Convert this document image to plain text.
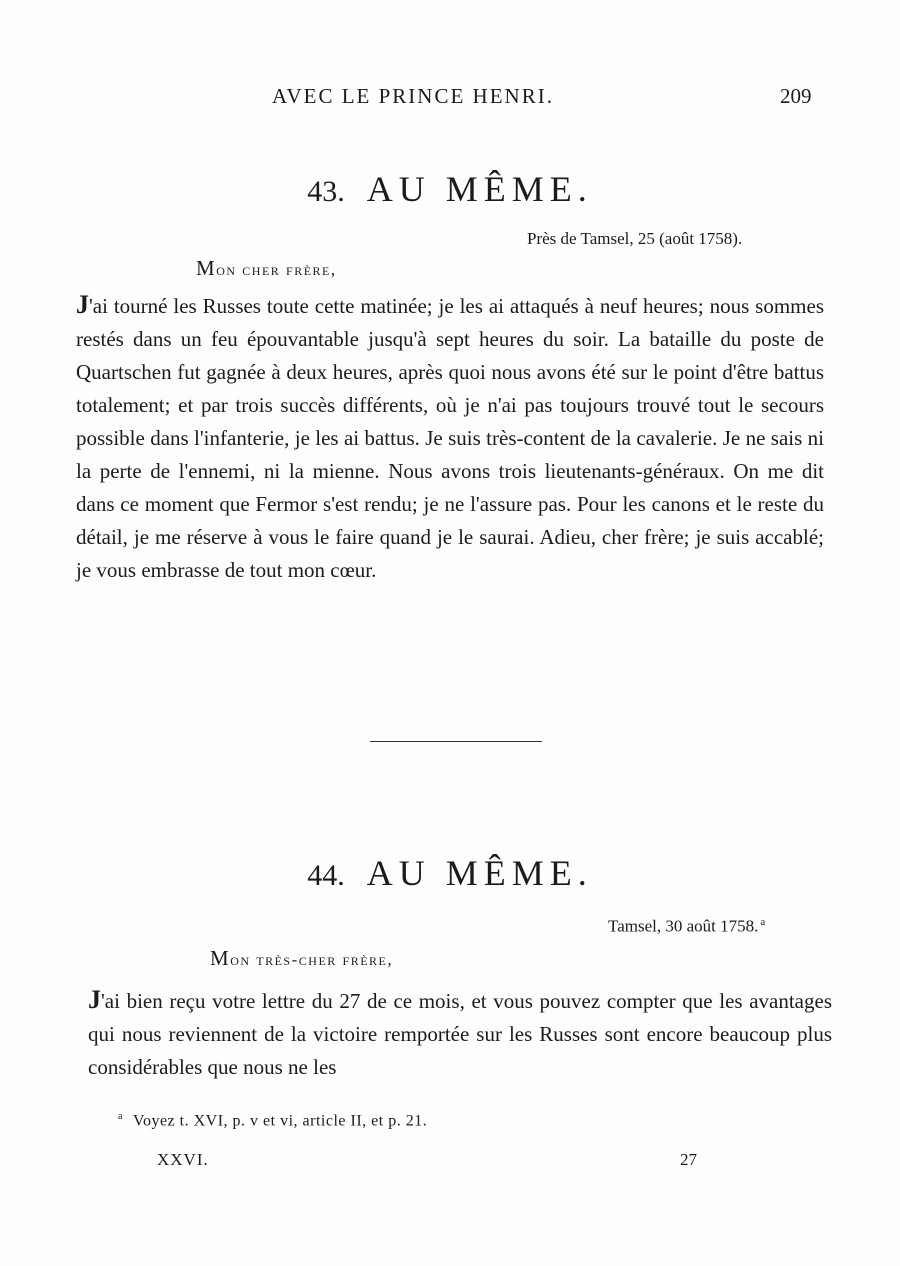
AVEC LE PRINCE HENRI.	209
43. AU MÊME.
Près de Tamsel, 25 (août 1758).
Mon cher frère,
J'ai tourné les Russes toute cette matinée; je les ai attaqués à neuf heures; nous sommes restés dans un feu épouvantable jusqu'à sept heures du soir. La bataille du poste de Quartschen fut gagnée à deux heures, après quoi nous avons été sur le point d'être battus totalement; et par trois succès différents, où je n'ai pas toujours trouvé tout le secours possible dans l'infanterie, je les ai battus. Je suis très-content de la cavalerie. Je ne sais ni la perte de l'ennemi, ni la mienne. Nous avons trois lieutenants-généraux. On me dit dans ce moment que Fermor s'est rendu; je ne l'assure pas. Pour les canons et le reste du détail, je me réserve à vous le faire quand je le saurai. Adieu, cher frère; je suis accablé; je vous embrasse de tout mon cœur.
44. AU MÊME.
Tamsel, 30 août 1758. $^a$
Mon très-cher frère,
J'ai bien reçu votre lettre du 27 de ce mois, et vous pouvez compter que les avantages qui nous reviennent de la victoire remportée sur les Russes sont encore beaucoup plus considérables que nous ne les
$^a$ Voyez t. XVI, p. v et vi, article II, et p. 21.
XXVI.	27
